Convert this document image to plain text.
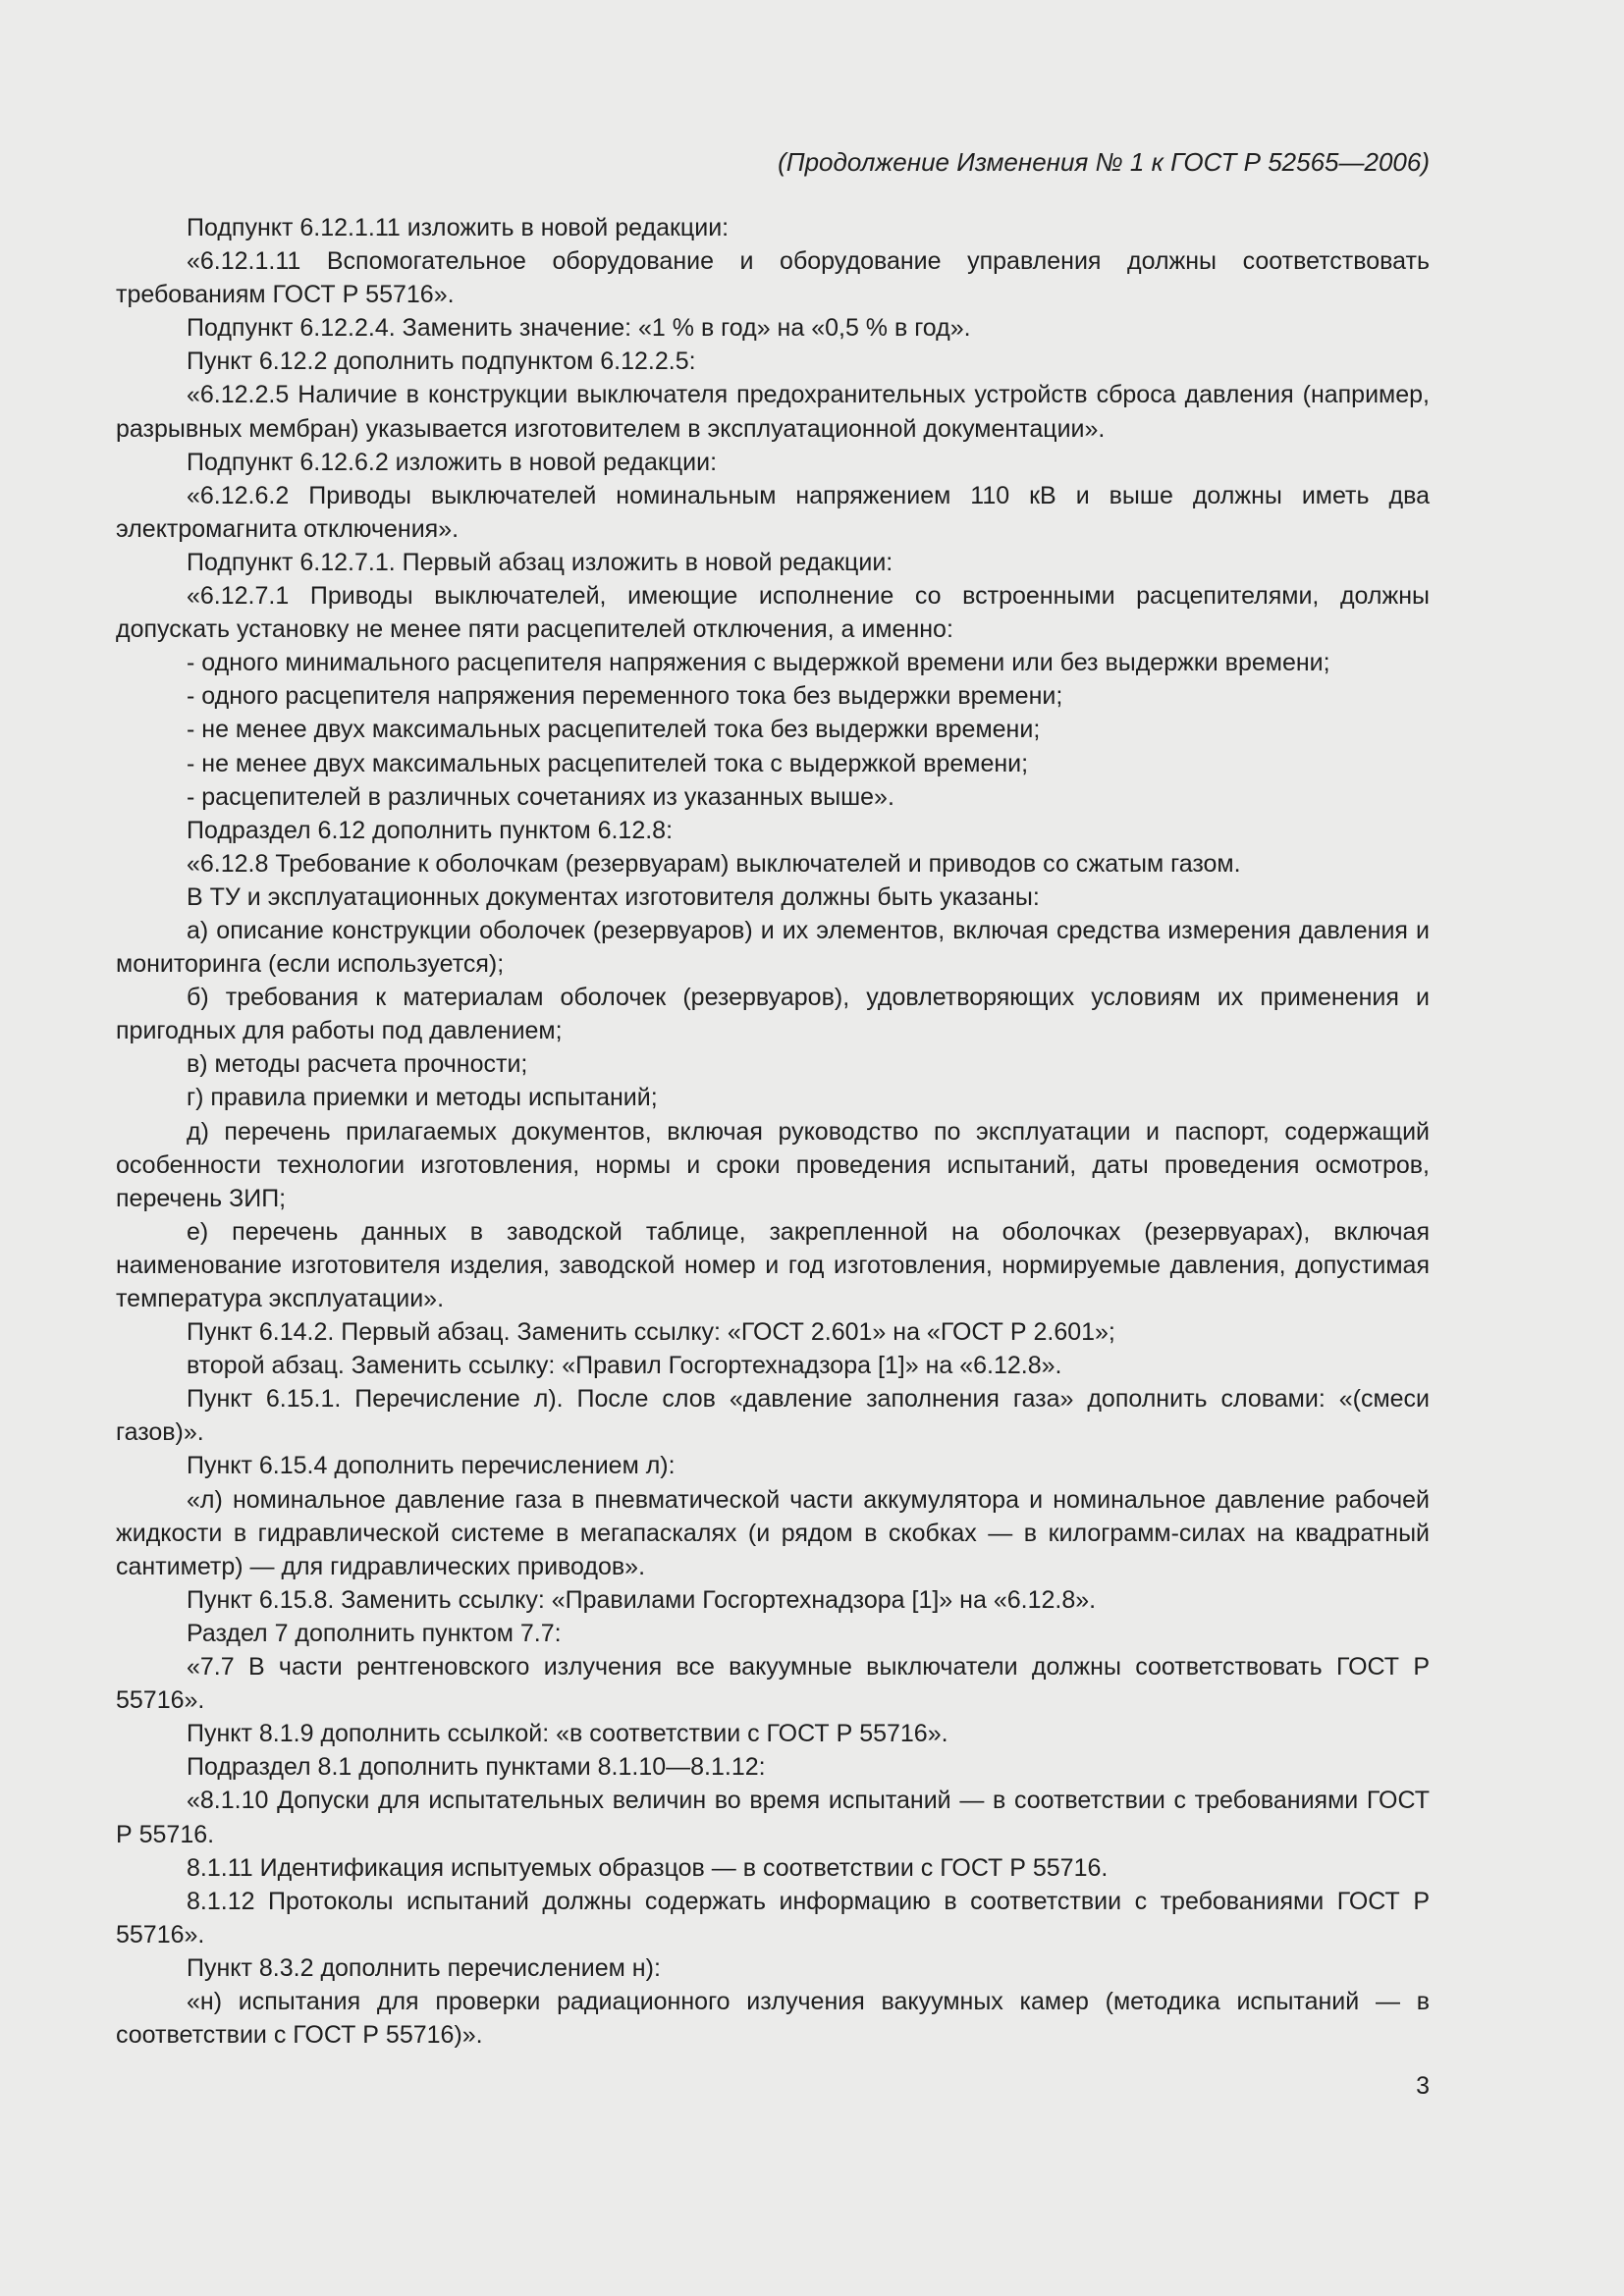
(Продолжение Изменения № 1 к ГОСТ Р 52565—2006)

Подпункт 6.12.1.11 изложить в новой редакции:

«6.12.1.11 Вспомогательное оборудование и оборудование управления должны соответствовать требованиям ГОСТ Р 55716».

Подпункт 6.12.2.4. Заменить значение: «1 % в год» на «0,5 % в год».

Пункт 6.12.2 дополнить подпунктом 6.12.2.5:

«6.12.2.5 Наличие в конструкции выключателя предохранительных устройств сброса давления (например, разрывных мембран) указывается изготовителем в эксплуатационной документации».

Подпункт 6.12.6.2 изложить в новой редакции:

«6.12.6.2 Приводы выключателей номинальным напряжением 110 кВ и выше должны иметь два электромагнита отключения».

Подпункт 6.12.7.1. Первый абзац изложить в новой редакции:

«6.12.7.1 Приводы выключателей, имеющие исполнение со встроенными расцепителями, должны допускать установку не менее пяти расцепителей отключения, а именно:

- одного минимального расцепителя напряжения с выдержкой времени или без выдержки времени;

- одного расцепителя напряжения переменного тока без выдержки времени;

- не менее двух максимальных расцепителей тока без выдержки времени;

- не менее двух максимальных расцепителей тока с выдержкой времени;

- расцепителей в различных сочетаниях из указанных выше».

Подраздел 6.12 дополнить пунктом 6.12.8:

«6.12.8 Требование к оболочкам (резервуарам) выключателей и приводов со сжатым газом.

В ТУ и эксплуатационных документах изготовителя должны быть указаны:

а) описание конструкции оболочек (резервуаров) и их элементов, включая средства измерения давления и мониторинга (если используется);

б) требования к материалам оболочек (резервуаров), удовлетворяющих условиям их применения и пригодных для работы под давлением;

в) методы расчета прочности;

г) правила приемки и методы испытаний;

д) перечень прилагаемых документов, включая руководство по эксплуатации и паспорт, содержащий особенности технологии изготовления, нормы и сроки проведения испытаний, даты проведения осмотров, перечень ЗИП;

е) перечень данных в заводской таблице, закрепленной на оболочках (резервуарах), включая наименование изготовителя изделия, заводской номер и год изготовления, нормируемые давления, допустимая температура эксплуатации».

Пункт 6.14.2. Первый абзац. Заменить ссылку: «ГОСТ 2.601» на «ГОСТ Р 2.601»;

второй абзац. Заменить ссылку: «Правил Госгортехнадзора [1]» на «6.12.8».

Пункт 6.15.1. Перечисление л). После слов «давление заполнения газа» дополнить словами: «(смеси газов)».

Пункт 6.15.4 дополнить перечислением л):

«л) номинальное давление газа в пневматической части аккумулятора и номинальное давление рабочей жидкости в гидравлической системе в мегапаскалях (и рядом в скобках — в килограмм-силах на квадратный сантиметр) — для гидравлических приводов».

Пункт 6.15.8. Заменить ссылку: «Правилами Госгортехнадзора [1]» на «6.12.8».

Раздел 7 дополнить пунктом 7.7:

«7.7 В части рентгеновского излучения все вакуумные выключатели должны соответствовать ГОСТ Р 55716».

Пункт 8.1.9 дополнить ссылкой: «в соответствии с ГОСТ Р 55716».

Подраздел 8.1 дополнить пунктами 8.1.10—8.1.12:

«8.1.10 Допуски для испытательных величин во время испытаний — в соответствии с требованиями ГОСТ Р 55716.

8.1.11 Идентификация испытуемых образцов — в соответствии с ГОСТ Р 55716.

8.1.12 Протоколы испытаний должны содержать информацию в соответствии с требованиями ГОСТ Р 55716».

Пункт 8.3.2 дополнить перечислением н):

«н) испытания для проверки радиационного излучения вакуумных камер (методика испытаний — в соответствии с ГОСТ Р 55716)».

3
